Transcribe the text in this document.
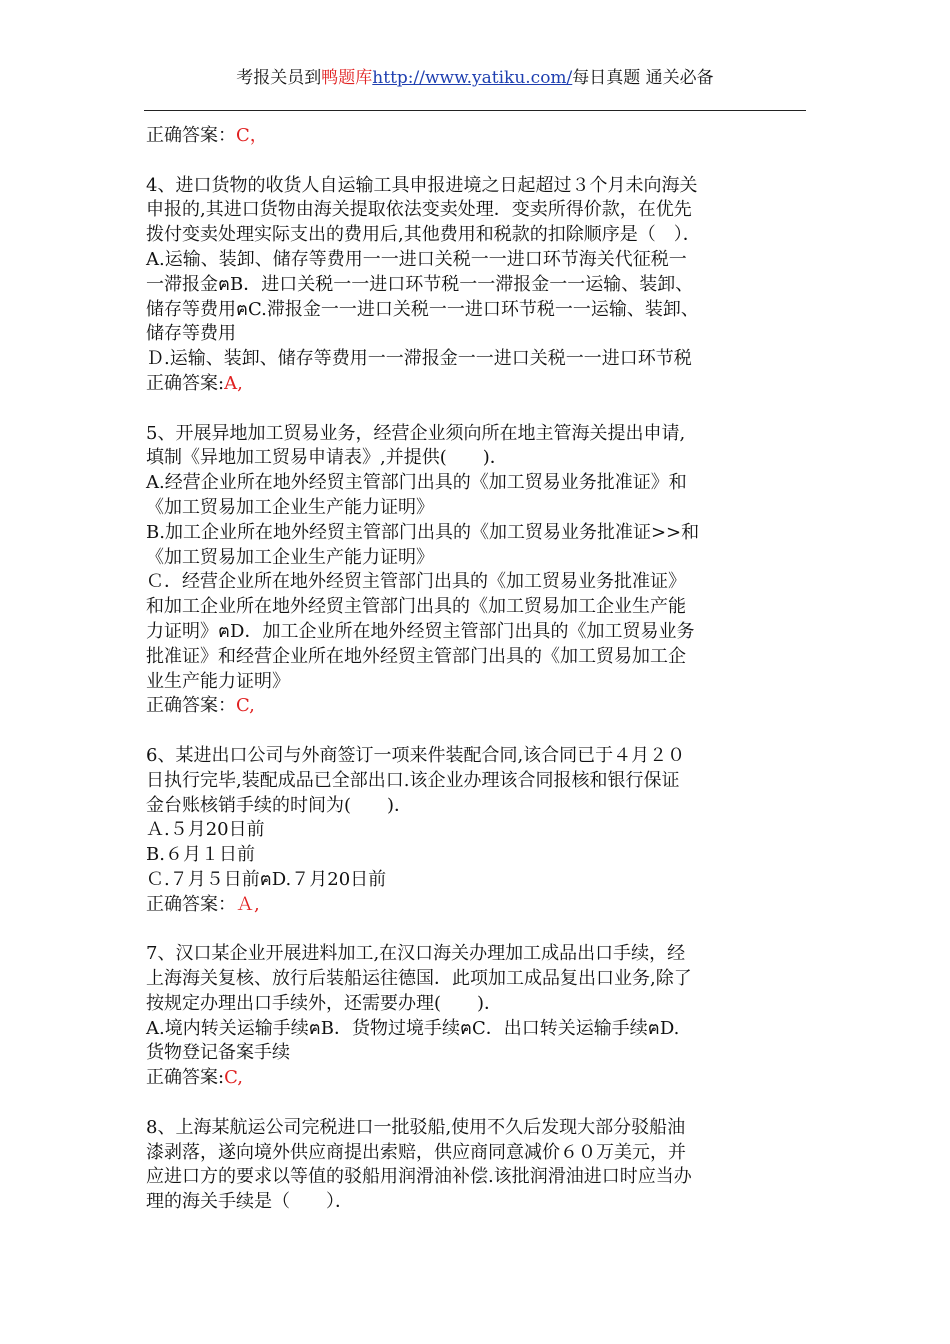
考报关员到鸭题库http://www.yatiku.com/每日真题 通关必备
正确答案：C，
4、进口货物的收货人自运输工具申报进境之日起超过３个月未向海关
申报的,其进口货物由海关提取依法变卖处理．变卖所得价款，在优先
拨付变卖处理实际支出的费用后,其他费用和税款的扣除顺序是（　）．
A.运输、装卸、储存等费用一一进口关税一一进口环节海关代征税一
一滞报金ฅB．进口关税一一进口环节税一一滞报金一一运输、装卸、
储存等费用ฅC.滞报金一一进口关税一一进口环节税一一运输、装卸、
储存等费用
Ｄ.运输、装卸、储存等费用一一滞报金一一进口关税一一进口环节税
正确答案:A,
5、开展异地加工贸易业务，经营企业须向所在地主管海关提出申请,
填制《异地加工贸易申请表》,并提供(　　)．
A.经营企业所在地外经贸主管部门出具的《加工贸易业务批准证》和
《加工贸易加工企业生产能力证明》
B.加工企业所在地外经贸主管部门出具的《加工贸易业务批准证>>和
《加工贸易加工企业生产能力证明》
Ｃ．经营企业所在地外经贸主管部门出具的《加工贸易业务批准证》
和加工企业所在地外经贸主管部门出具的《加工贸易加工企业生产能
力证明》ฅD．加工企业所在地外经贸主管部门出具的《加工贸易业务
批准证》和经营企业所在地外经贸主管部门出具的《加工贸易加工企
业生产能力证明》
正确答案：C,
6、某进出口公司与外商签订一项来件装配合同,该合同已于４月２０
日执行完毕,装配成品已全部出口.该企业办理该合同报核和银行保证
金台账核销手续的时间为(　　)．
Ａ.５月20日前
B.６月１日前
Ｃ.７月５日前ฅD.７月20日前
正确答案：Ａ,
7、汉口某企业开展进料加工,在汉口海关办理加工成品出口手续，经
上海海关复核、放行后装船运往德国．此项加工成品复出口业务,除了
按规定办理出口手续外，还需要办理(　　)．
A.境内转关运输手续ฅB．货物过境手续ฅC．出口转关运输手续ฅD.
货物登记备案手续
正确答案:C,
8、上海某航运公司完税进口一批驳船,使用不久后发现大部分驳船油
漆剥落，遂向境外供应商提出索赔，供应商同意减价６０万美元，并
应进口方的要求以等值的驳船用润滑油补偿.该批润滑油进口时应当办
理的海关手续是（　　）．
